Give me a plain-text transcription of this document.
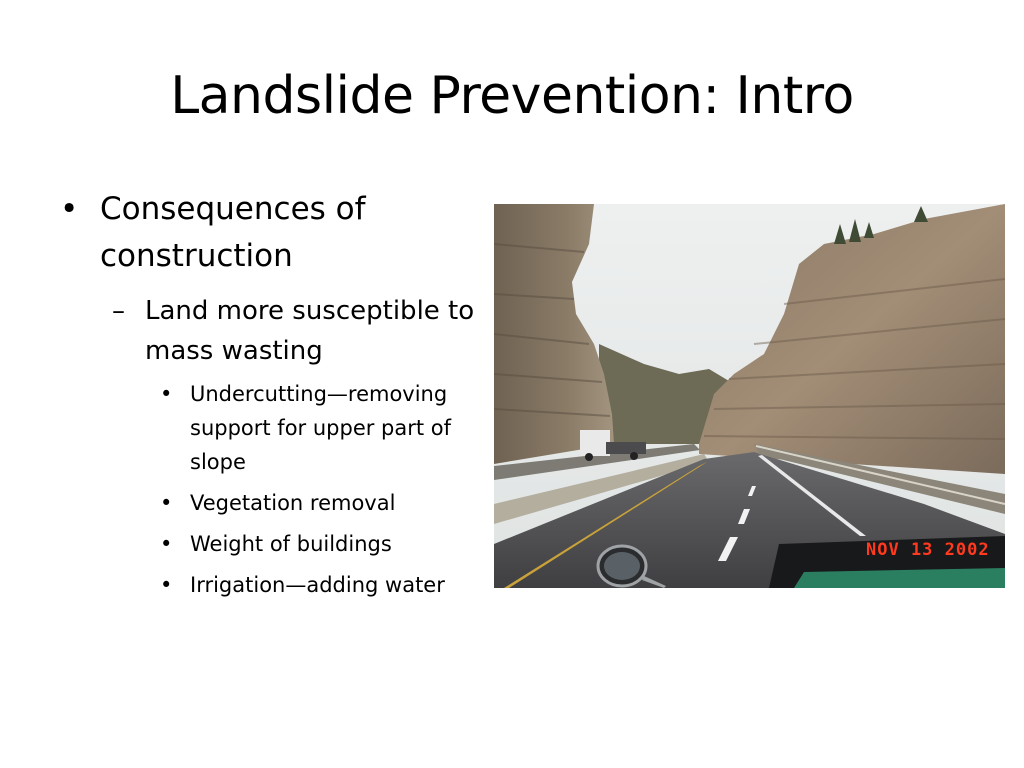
Landslide Prevention: Intro
• Consequences of construction
– Land more susceptible to mass wasting
• Undercutting—removing support for upper part of slope
• Vegetation removal
• Weight of buildings
• Irrigation—adding water
NOV 13 2002
